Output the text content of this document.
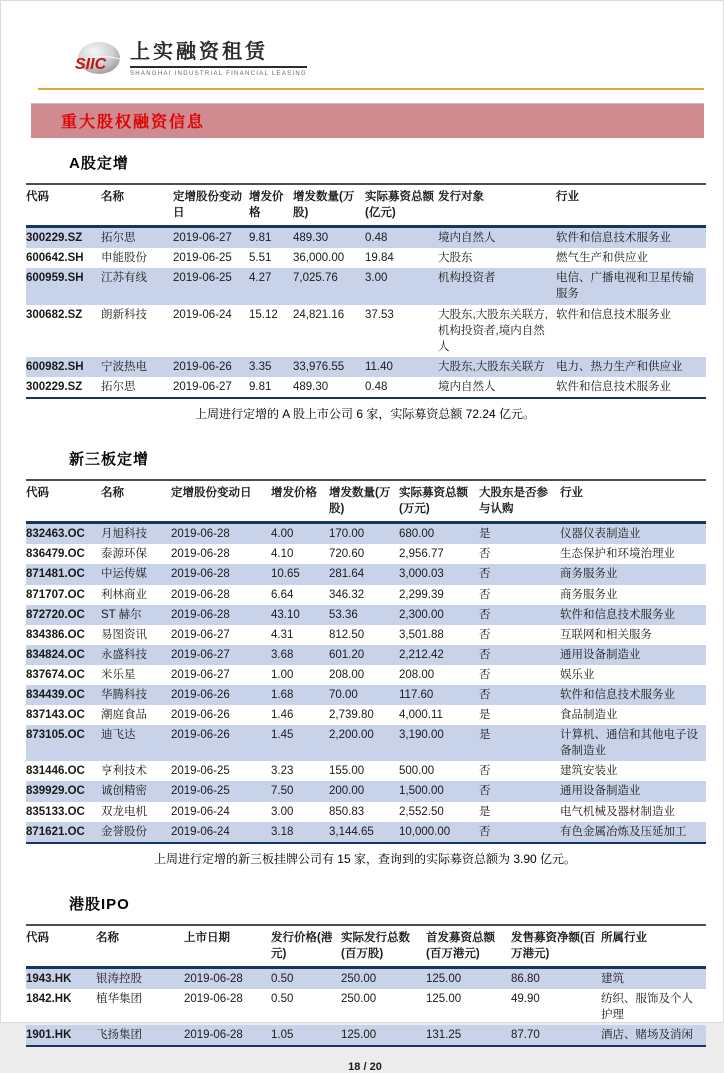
SIIC
上实融资租赁
SHANGHAI INDUSTRIAL FINANCIAL LEASING
重大股权融资信息
A股定增
代码	名称	定增股份变动日	增发价格	增发数量(万股)	实际募资总额(亿元)	发行对象	行业
300229.SZ	拓尔思	2019-06-27	9.81	489.30	0.48	境内自然人	软件和信息技术服务业
600642.SH	申能股份	2019-06-25	5.51	36,000.00	19.84	大股东	燃气生产和供应业
600959.SH	江苏有线	2019-06-25	4.27	7,025.76	3.00	机构投资者	电信、广播电视和卫星传输服务
300682.SZ	朗新科技	2019-06-24	15.12	24,821.16	37.53	大股东,大股东关联方,机构投资者,境内自然人	软件和信息技术服务业
600982.SH	宁波热电	2019-06-26	3.35	33,976.55	11.40	大股东,大股东关联方	电力、热力生产和供应业
300229.SZ	拓尔思	2019-06-27	9.81	489.30	0.48	境内自然人	软件和信息技术服务业

上周进行定增的 A 股上市公司 6 家，实际募资总额 72.24 亿元。

新三板定增
代码	名称	定增股份变动日	增发价格	增发数量(万股)	实际募资总额(万元)	大股东是否参与认购	行业
832463.OC	月旭科技	2019-06-28	4.00	170.00	680.00	是	仪器仪表制造业
836479.OC	泰源环保	2019-06-28	4.10	720.60	2,956.77	否	生态保护和环境治理业
871481.OC	中运传媒	2019-06-28	10.65	281.64	3,000.03	否	商务服务业
871707.OC	利林商业	2019-06-28	6.64	346.32	2,299.39	否	商务服务业
872720.OC	ST 赫尔	2019-06-28	43.10	53.36	2,300.00	否	软件和信息技术服务业
834386.OC	易图资讯	2019-06-27	4.31	812.50	3,501.88	否	互联网和相关服务
834824.OC	永盛科技	2019-06-27	3.68	601.20	2,212.42	否	通用设备制造业
837674.OC	米乐星	2019-06-27	1.00	208.00	208.00	否	娱乐业
834439.OC	华腾科技	2019-06-26	1.68	70.00	117.60	否	软件和信息技术服务业
837143.OC	潮庭食品	2019-06-26	1.46	2,739.80	4,000.11	是	食品制造业
873105.OC	迪飞达	2019-06-26	1.45	2,200.00	3,190.00	是	计算机、通信和其他电子设备制造业
831446.OC	亨利技术	2019-06-25	3.23	155.00	500.00	否	建筑安装业
839929.OC	诚创精密	2019-06-25	7.50	200.00	1,500.00	否	通用设备制造业
835133.OC	双龙电机	2019-06-24	3.00	850.83	2,552.50	是	电气机械及器材制造业
871621.OC	金誉股份	2019-06-24	3.18	3,144.65	10,000.00	否	有色金属冶炼及压延加工

上周进行定增的新三板挂牌公司有 15 家，查询到的实际募资总额为 3.90 亿元。

港股IPO
代码	名称	上市日期	发行价格(港元)	实际发行总数(百万股)	首发募资总额(百万港元)	发售募资净额(百万港元)	所属行业
1943.HK	银涛控股	2019-06-28	0.50	250.00	125.00	86.80	建筑
1842.HK	植华集团	2019-06-28	0.50	250.00	125.00	49.90	纺织、服饰及个人护理
1901.HK	飞扬集团	2019-06-28	1.05	125.00	131.25	87.70	酒店、赌场及消闲
18 / 20
